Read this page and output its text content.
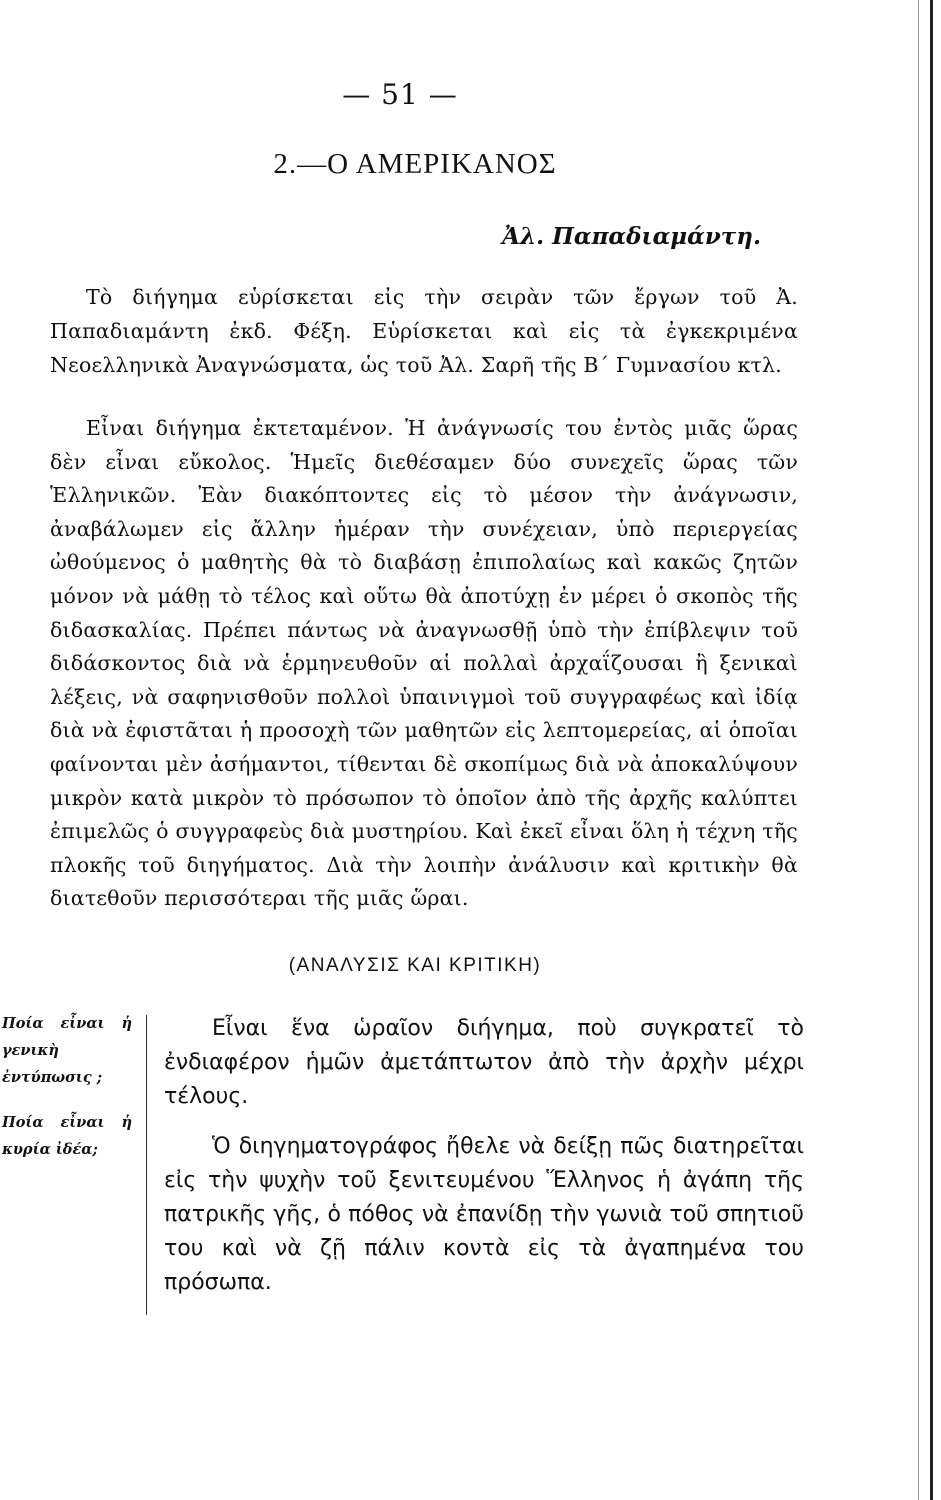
— 51 —
2.—Ο ΑΜΕΡΙΚΑΝΟΣ
Ἀλ. Παπαδιαμάντη.

Τὸ διήγημα εὑρίσκεται εἰς τὴν σειρὰν τῶν ἔργων τοῦ Ἀ. Παπαδιαμάντη ἐκδ. Φέξη. Εὑρίσκεται καὶ εἰς τὰ ἐγκεκριμένα Νεοελληνικὰ Ἀναγνώσματα, ὡς τοῦ Ἀλ. Σαρῆ τῆς Β΄ Γυμνασίου κτλ.

Εἶναι διήγημα ἐκτεταμένον. Ἡ ἀνάγνωσίς του ἐντὸς μιᾶς ὥρας δὲν εἶναι εὔκολος. Ἡμεῖς διεθέσαμεν δύο συνεχεῖς ὥρας τῶν Ἑλληνικῶν. Ἐὰν διακόπτοντες εἰς τὸ μέσον τὴν ἀνάγνωσιν, ἀναβάλωμεν εἰς ἄλλην ἡμέραν τὴν συνέχειαν, ὑπὸ περιεργείας ὠθούμενος ὁ μαθητὴς θὰ τὸ διαβάσῃ ἐπιπολαίως καὶ κακῶς ζητῶν μόνον νὰ μάθῃ τὸ τέλος καὶ οὕτω θὰ ἀποτύχῃ ἐν μέρει ὁ σκοπὸς τῆς διδασκαλίας. Πρέπει πάντως νὰ ἀναγνωσθῇ ὑπὸ τὴν ἐπίβλεψιν τοῦ διδάσκοντος διὰ νὰ ἑρμηνευθοῦν αἱ πολλαὶ ἀρχαΐζουσαι ἢ ξενικαὶ λέξεις, νὰ σαφηνισθοῦν πολλοὶ ὑπαινιγμοὶ τοῦ συγγραφέως καὶ ἰδίᾳ διὰ νὰ ἐφιστᾶται ἡ προσοχὴ τῶν μαθητῶν εἰς λεπτομερείας, αἱ ὁποῖαι φαίνονται μὲν ἀσήμαντοι, τίθενται δὲ σκοπίμως διὰ νὰ ἀποκαλύψουν μικρὸν κατὰ μικρὸν τὸ πρόσωπον τὸ ὁποῖον ἀπὸ τῆς ἀρχῆς καλύπτει ἐπιμελῶς ὁ συγγραφεὺς διὰ μυστηρίου. Καὶ ἐκεῖ εἶναι ὅλη ἡ τέχνη τῆς πλοκῆς τοῦ διηγήματος. Διὰ τὴν λοιπὴν ἀνάλυσιν καὶ κριτικὴν θὰ διατεθοῦν περισσότεραι τῆς μιᾶς ὥραι.

(ΑΝΑΛΥΣΙΣ ΚΑΙ ΚΡΙΤΙΚΗ)
Ποία εἶναι ἡ γενικὴ ἐντύπωσις ;
Ποία εἶναι ἡ κυρία ἰδέα;

Εἶναι ἕνα ὡραῖον διήγημα, ποὺ συγκρατεῖ τὸ ἐνδιαφέρον ἡμῶν ἀμετάπτωτον ἀπὸ τὴν ἀρχὴν μέχρι τέλους.

Ὁ διηγηματογράφος ἤθελε νὰ δείξῃ πῶς διατηρεῖται εἰς τὴν ψυχὴν τοῦ ξενιτευμένου Ἕλληνος ἡ ἀγάπη τῆς πατρικῆς γῆς, ὁ πόθος νὰ ἐπανίδῃ τὴν γωνιὰ τοῦ σπητιοῦ του καὶ νὰ ζῇ πάλιν κοντὰ εἰς τὰ ἀγαπημένα του πρόσωπα.
